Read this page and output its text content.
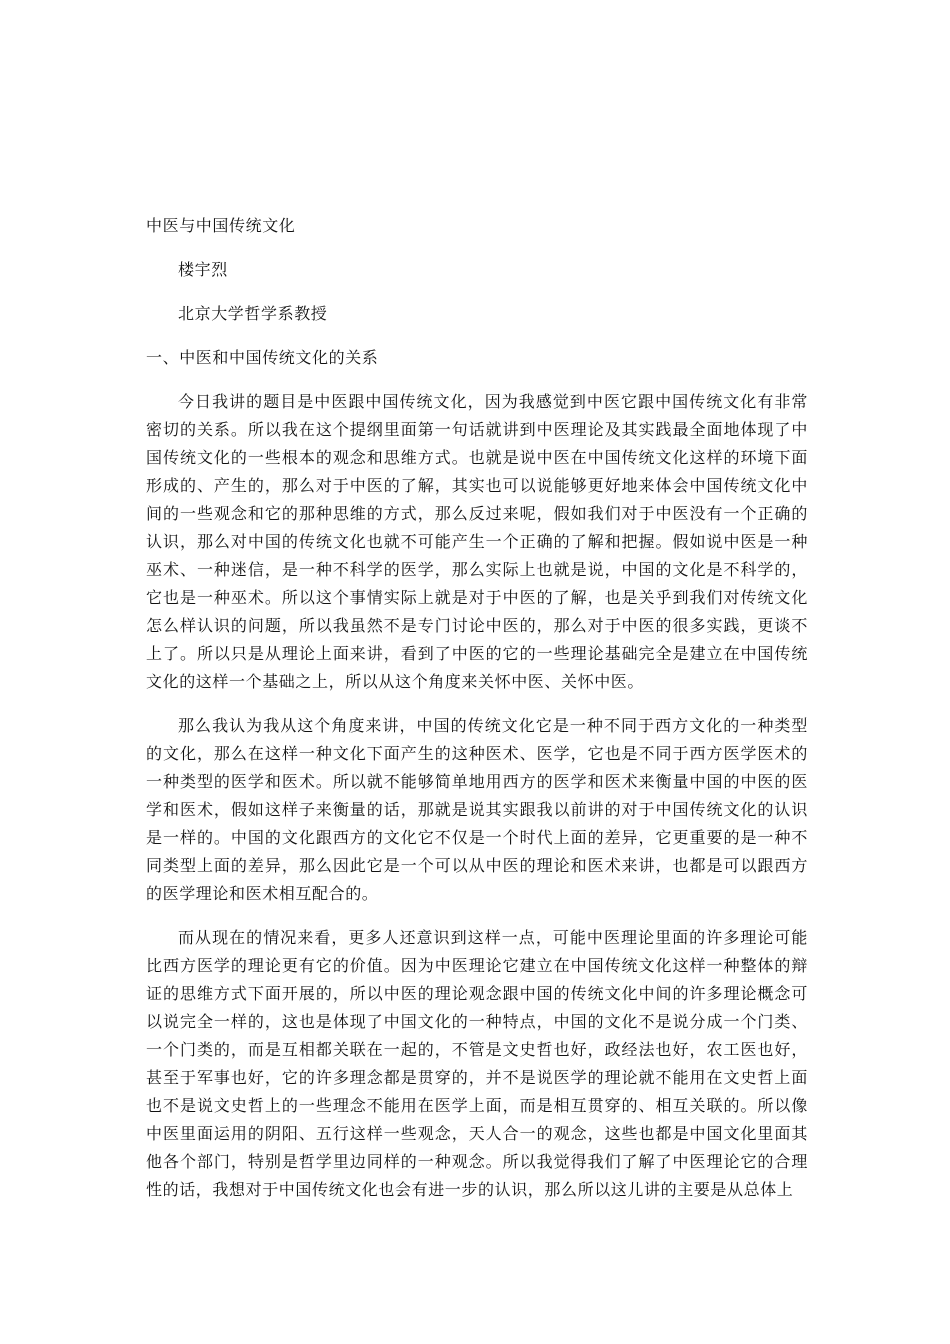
中医与中国传统文化

楼宇烈

北京大学哲学系教授

一、中医和中国传统文化的关系

今日我讲的题目是中医跟中国传统文化，因为我感觉到中医它跟中国传统文化有非常

密切的关系。所以我在这个提纲里面第一句话就讲到中医理论及其实践最全面地体现了中

国传统文化的一些根本的观念和思维方式。也就是说中医在中国传统文化这样的环境下面

形成的、产生的，那么对于中医的了解，其实也可以说能够更好地来体会中国传统文化中

间的一些观念和它的那种思维的方式，那么反过来呢，假如我们对于中医没有一个正确的

认识，那么对中国的传统文化也就不可能产生一个正确的了解和把握。假如说中医是一种

巫术、一种迷信，是一种不科学的医学，那么实际上也就是说，中国的文化是不科学的，

它也是一种巫术。所以这个事情实际上就是对于中医的了解，也是关乎到我们对传统文化

怎么样认识的问题，所以我虽然不是专门讨论中医的，那么对于中医的很多实践，更谈不

上了。所以只是从理论上面来讲，看到了中医的它的一些理论基础完全是建立在中国传统

文化的这样一个基础之上，所以从这个角度来关怀中医、关怀中医。

那么我认为我从这个角度来讲，中国的传统文化它是一种不同于西方文化的一种类型

的文化，那么在这样一种文化下面产生的这种医术、医学，它也是不同于西方医学医术的

一种类型的医学和医术。所以就不能够简单地用西方的医学和医术来衡量中国的中医的医

学和医术，假如这样子来衡量的话，那就是说其实跟我以前讲的对于中国传统文化的认识

是一样的。中国的文化跟西方的文化它不仅是一个时代上面的差异，它更重要的是一种不

同类型上面的差异，那么因此它是一个可以从中医的理论和医术来讲，也都是可以跟西方

的医学理论和医术相互配合的。

而从现在的情况来看，更多人还意识到这样一点，可能中医理论里面的许多理论可能

比西方医学的理论更有它的价值。因为中医理论它建立在中国传统文化这样一种整体的辩

证的思维方式下面开展的，所以中医的理论观念跟中国的传统文化中间的许多理论概念可

以说完全一样的，这也是体现了中国文化的一种特点，中国的文化不是说分成一个门类、

一个门类的，而是互相都关联在一起的，不管是文史哲也好，政经法也好，农工医也好，

甚至于军事也好，它的许多理念都是贯穿的，并不是说医学的理论就不能用在文史哲上面

也不是说文史哲上的一些理念不能用在医学上面，而是相互贯穿的、相互关联的。所以像

中医里面运用的阴阳、五行这样一些观念，天人合一的观念，这些也都是中国文化里面其

他各个部门，特别是哲学里边同样的一种观念。所以我觉得我们了解了中医理论它的合理

性的话，我想对于中国传统文化也会有进一步的认识，那么所以这儿讲的主要是从总体上
